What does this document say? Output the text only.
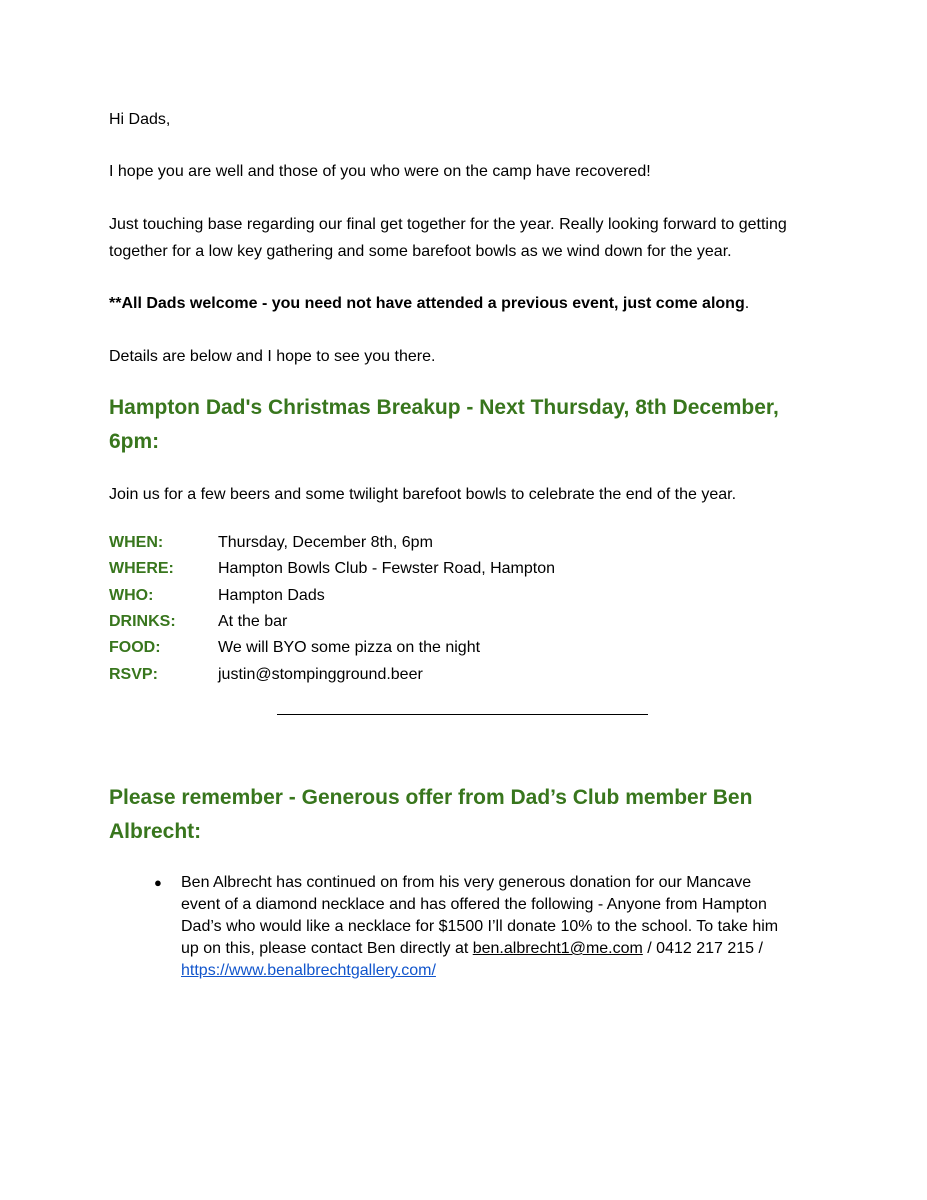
Hi Dads,

I hope you are well and those of you who were on the camp have recovered!

Just touching base regarding our final get together for the year. Really looking forward to getting
together for a low key gathering and some barefoot bowls as we wind down for the year.

**All Dads welcome - you need not have attended a previous event, just come along.

Details are below and I hope to see you there.

Hampton Dad's Christmas Breakup - Next Thursday, 8th December,
6pm:

Join us for a few beers and some twilight barefoot bowls to celebrate the end of the year.

WHEN:	Thursday, December 8th, 6pm
WHERE:	Hampton Bowls Club - Fewster Road, Hampton
WHO:	Hampton Dads
DRINKS:	At the bar
FOOD:	We will BYO some pizza on the night
RSVP:	justin@stompingground.beer
Please remember - Generous offer from Dad’s Club member Ben
Albrecht:
● Ben Albrecht has continued on from his very generous donation for our Mancave
event of a diamond necklace and has offered the following - Anyone from Hampton
Dad’s who would like a necklace for $1500 I’ll donate 10% to the school. To take him
up on this, please contact Ben directly at ben.albrecht1@me.com / 0412 217 215 /
https://www.benalbrechtgallery.com/
